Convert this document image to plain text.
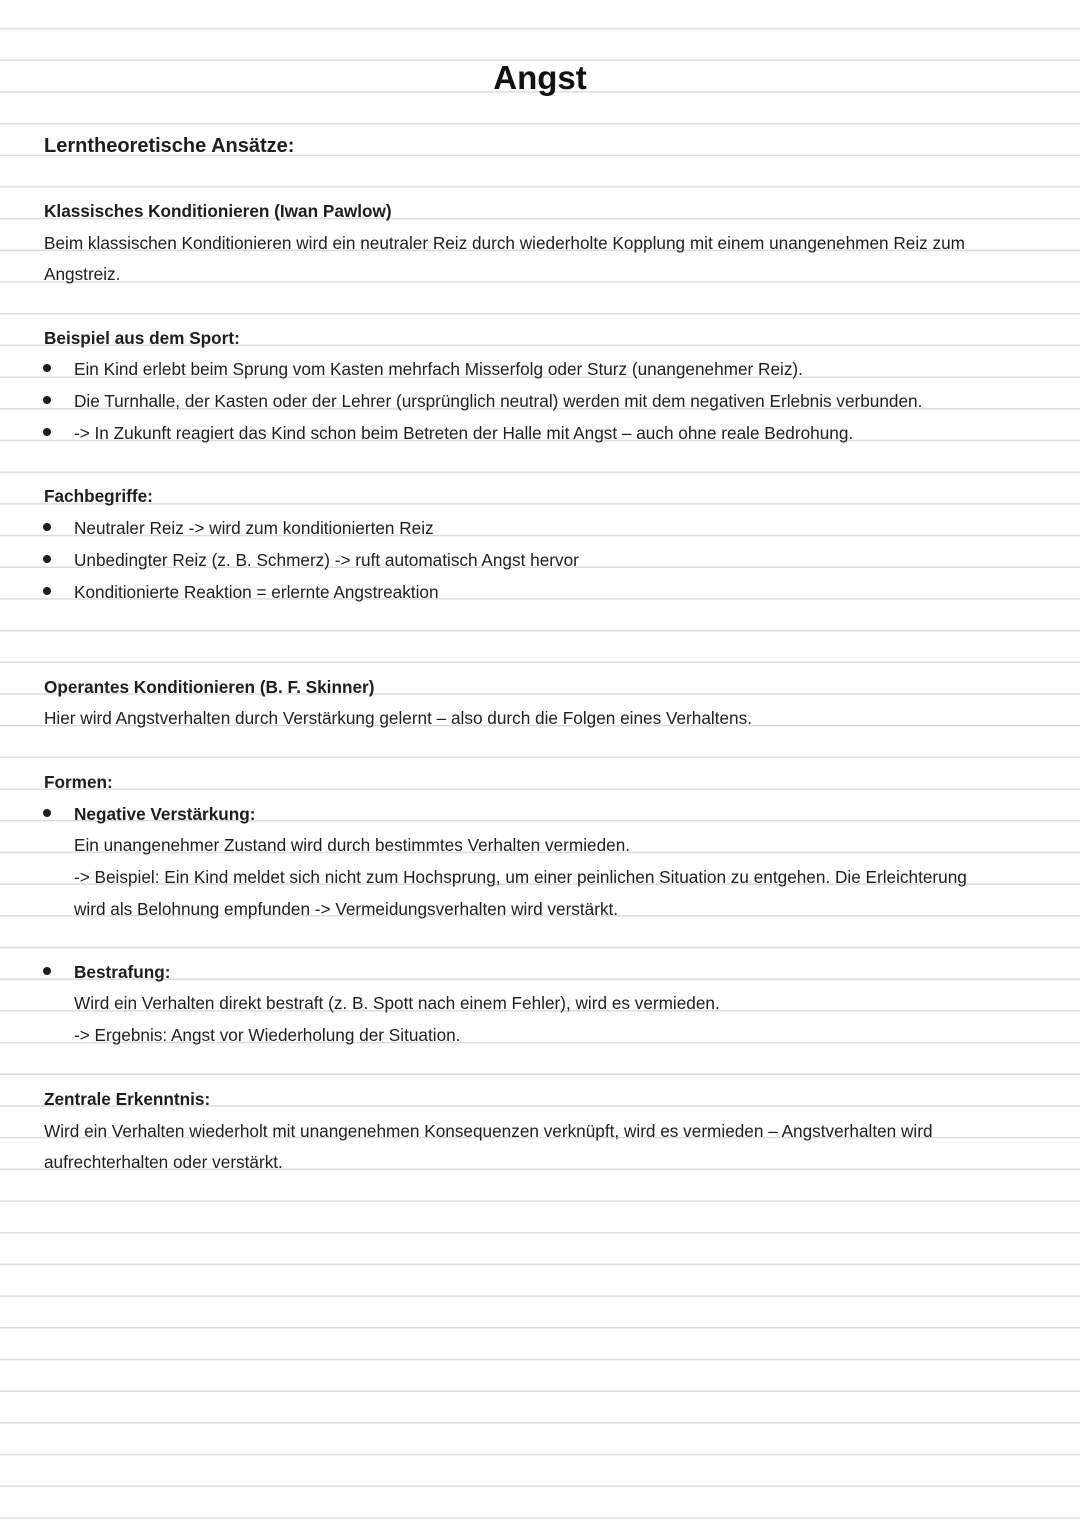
Angst
Lerntheoretische Ansätze:
Klassisches Konditionieren (Iwan Pawlow)
Beim klassischen Konditionieren wird ein neutraler Reiz durch wiederholte Kopplung mit einem unangenehmen Reiz zum
Angstreiz.
Beispiel aus dem Sport:
Ein Kind erlebt beim Sprung vom Kasten mehrfach Misserfolg oder Sturz (unangenehmer Reiz).
Die Turnhalle, der Kasten oder der Lehrer (ursprünglich neutral) werden mit dem negativen Erlebnis verbunden.
-> In Zukunft reagiert das Kind schon beim Betreten der Halle mit Angst – auch ohne reale Bedrohung.
Fachbegriffe:
Neutraler Reiz -> wird zum konditionierten Reiz
Unbedingter Reiz (z. B. Schmerz) -> ruft automatisch Angst hervor
Konditionierte Reaktion = erlernte Angstreaktion
Operantes Konditionieren (B. F. Skinner)
Hier wird Angstverhalten durch Verstärkung gelernt – also durch die Folgen eines Verhaltens.
Formen:
Negative Verstärkung:
Ein unangenehmer Zustand wird durch bestimmtes Verhalten vermieden.
-> Beispiel: Ein Kind meldet sich nicht zum Hochsprung, um einer peinlichen Situation zu entgehen. Die Erleichterung
wird als Belohnung empfunden -> Vermeidungsverhalten wird verstärkt.
Bestrafung:
Wird ein Verhalten direkt bestraft (z. B. Spott nach einem Fehler), wird es vermieden.
-> Ergebnis: Angst vor Wiederholung der Situation.
Zentrale Erkenntnis:
Wird ein Verhalten wiederholt mit unangenehmen Konsequenzen verknüpft, wird es vermieden – Angstverhalten wird
aufrechterhalten oder verstärkt.
